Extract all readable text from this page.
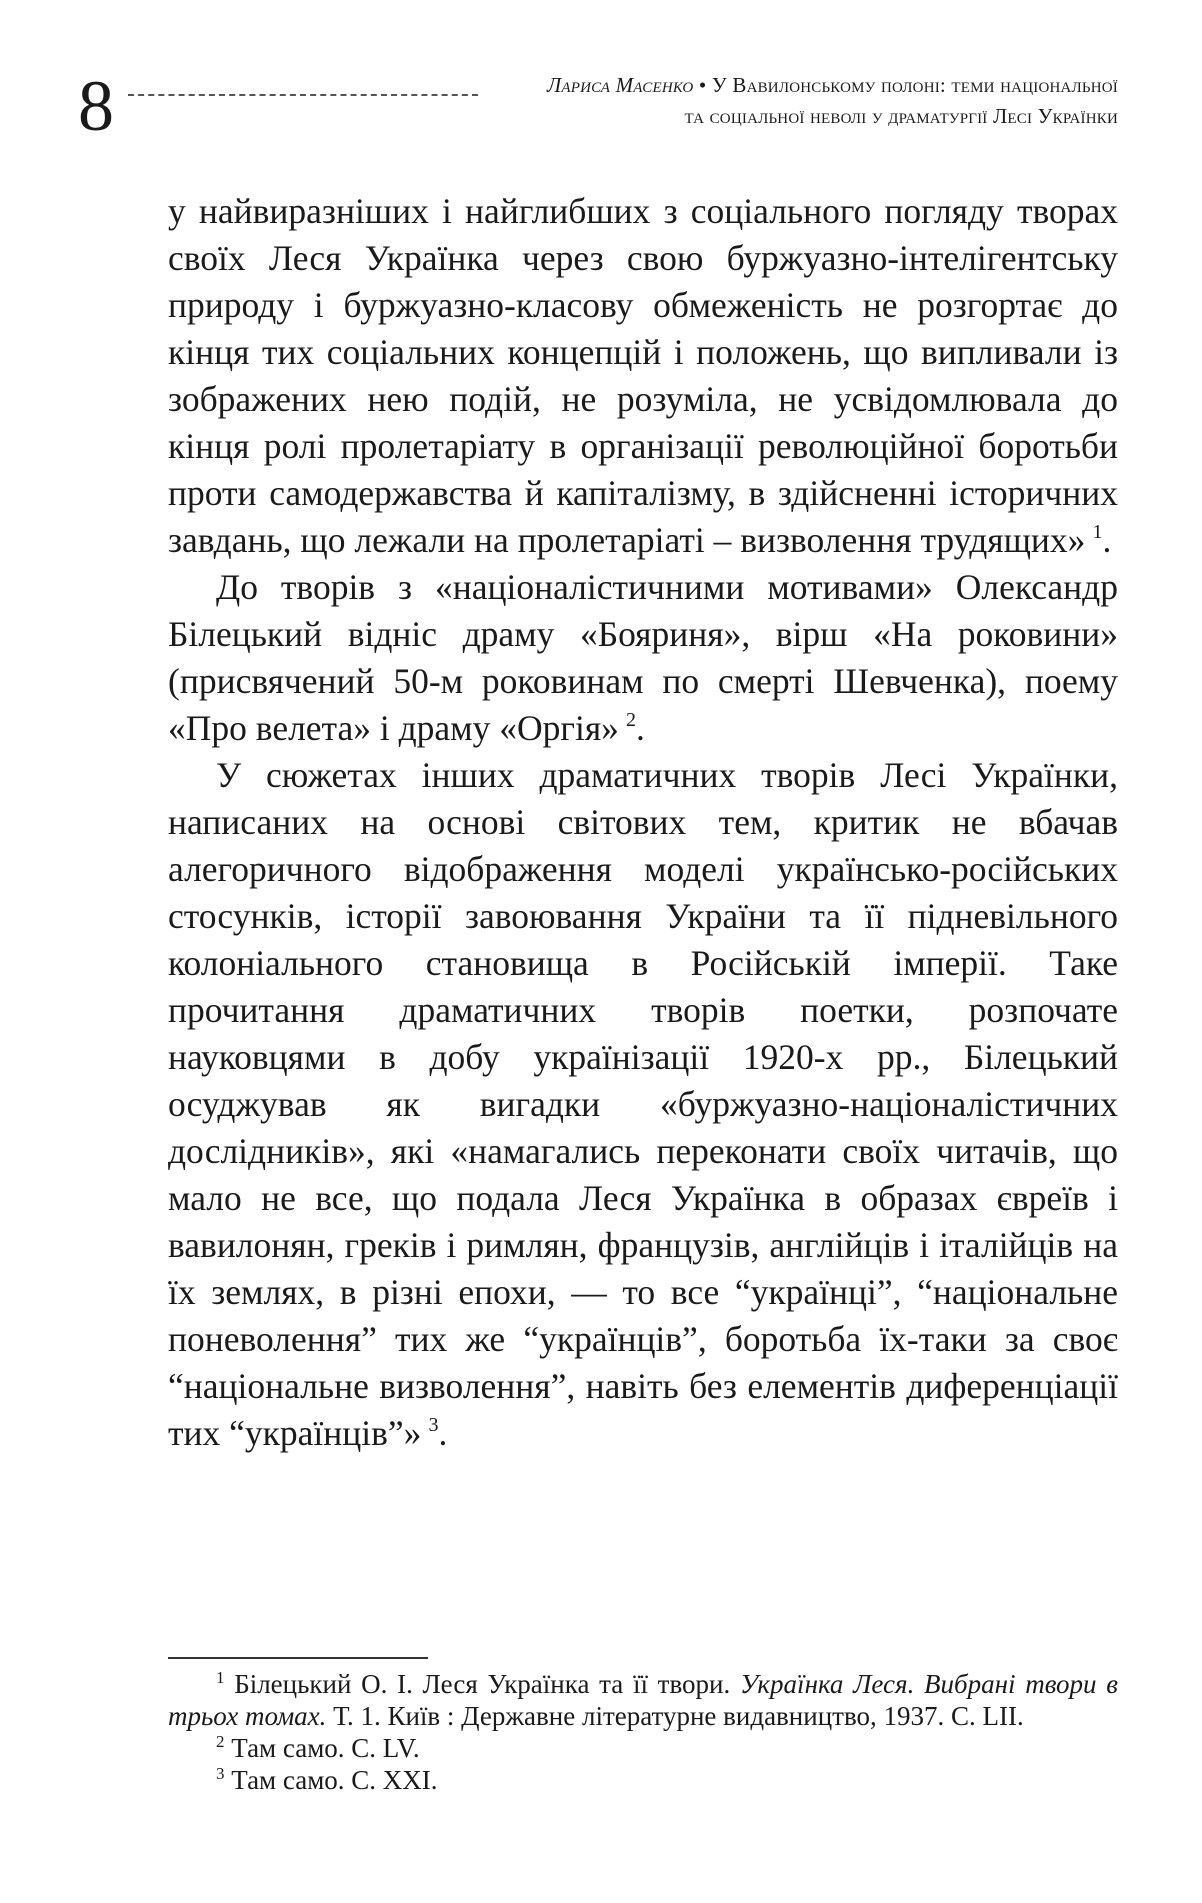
8	Лариса Масенко • У Вавилонському полоні: теми національної
та соціальної неволі у драматургії Лесі Українки

у найвиразніших і найглибших з соціального погляду творах своїх Леся Українка через свою буржуазно-інтелігентську природу і буржуазно-класову обмеженість не розгортає до кінця тих соціальних концепцій і положень, що випливали із зображених нею подій, не розуміла, не усвідомлювала до кінця ролі пролетаріату в організації революційної боротьби проти самодержавства й капіталізму, в здійсненні історичних завдань, що лежали на пролетаріаті – визволення трудящих»  $^1$.

До творів з «націоналістичними мотивами» Олександр Білецький відніс драму «Бояриня», вірш «На роковини» (присвячений 50-м роковинам по смерті Шевченка), поему «Про велета» і драму «Оргія»  $^2$.

У сюжетах інших драматичних творів Лесі Українки, написаних на основі світових тем, критик не вбачав алегоричного відображення моделі українсько-російських стосунків, історії завоювання України та її підневільного колоніального становища в Російській імперії. Таке прочитання драматичних творів поетки, розпочате науковцями в добу українізації 1920-х рр., Білецький осуджував як вигадки «буржуазно-націоналістичних дослідників», які «намагались переконати своїх читачів, що мало не все, що подала Леся Українка в образах євреїв і вавилонян, греків і римлян, французів, англійців і італійців на їх землях, в різні епохи, — то все “українці”, “національне поневолення” тих же “українців”, боротьба їх-таки за своє “національне визволення”, навіть без елементів диференціації тих “українців”»  $^3$.

$^1$ Білецький О. І. Леся Українка та її твори. Українка Леся. Вибрані твори в трьох томах. Т. 1. Київ : Державне літературне видавництво, 1937. С. LII.

$^2$ Там само. С. LV.

$^3$ Там само. С. XXI.
